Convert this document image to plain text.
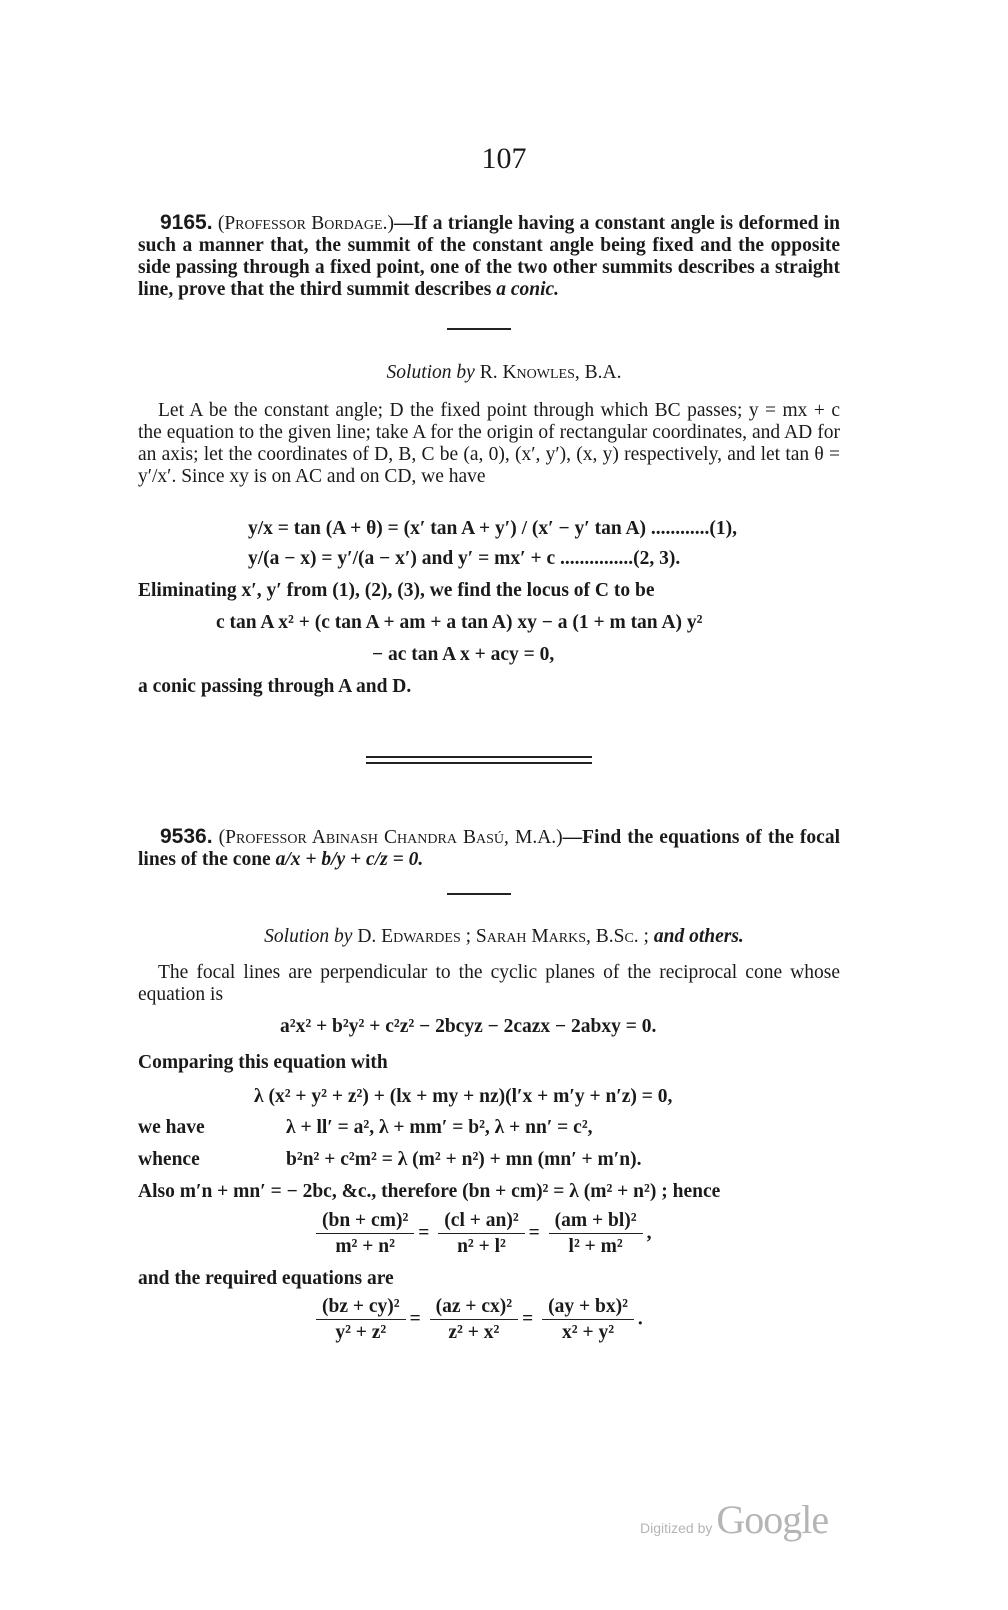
107
9165. (Professor Bordage.)—If a triangle having a constant angle is deformed in such a manner that, the summit of the constant angle being fixed and the opposite side passing through a fixed point, one of the two other summits describes a straight line, prove that the third summit describes a conic.
Solution by R. Knowles, B.A.
Let A be the constant angle; D the fixed point through which BC passes; y = mx + c the equation to the given line; take A for the origin of rectangular coordinates, and AD for an axis; let the coordinates of D, B, C be (a, 0), (x′, y′), (x, y) respectively, and let tan θ = y′/x′. Since xy is on AC and on CD, we have
y/x = tan (A + θ) = (x′ tan A + y′) / (x′ − y′ tan A) ............(1),
y/(a − x) = y′/(a − x′) and y′ = mx′ + c ...............(2, 3).
Eliminating x′, y′ from (1), (2), (3), we find the locus of C to be
c tan A x² + (c tan A + am + a tan A) xy − a (1 + m tan A) y²
− ac tan A x + acy = 0,
a conic passing through A and D.
9536. (Professor Abinash Chandra Basú, M.A.)—Find the equations of the focal lines of the cone a/x + b/y + c/z = 0.
Solution by D. Edwardes ; Sarah Marks, B.Sc. ; and others.
The focal lines are perpendicular to the cyclic planes of the reciprocal cone whose equation is
a²x² + b²y² + c²z² − 2bcyz − 2cazx − 2abxy = 0.
Comparing this equation with
λ (x² + y² + z²) + (lx + my + nz)(l′x + m′y + n′z) = 0,
we have	λ + ll′ = a², λ + mm′ = b², λ + nn′ = c²,
whence	b²n² + c²m² = λ (m² + n²) + mn (mn′ + m′n).
Also m′n + mn′ = − 2bc, &c., therefore (bn + cm)² = λ (m² + n²) ; hence
$\frac{\text{(bn + cm)²}}{\text{m² + n²}} = \frac{\text{(cl + an)²}}{\text{n² + l²}} = \frac{\text{(am + bl)²}}{\text{l² + m²}}$ ,
and the required equations are
$\frac{\text{(bz + cy)²}}{\text{y² + z²}} = \frac{\text{(az + cx)²}}{\text{z² + x²}} = \frac{\text{(ay + bx)²}}{\text{x² + y²}}$ .
Digitized by Google
